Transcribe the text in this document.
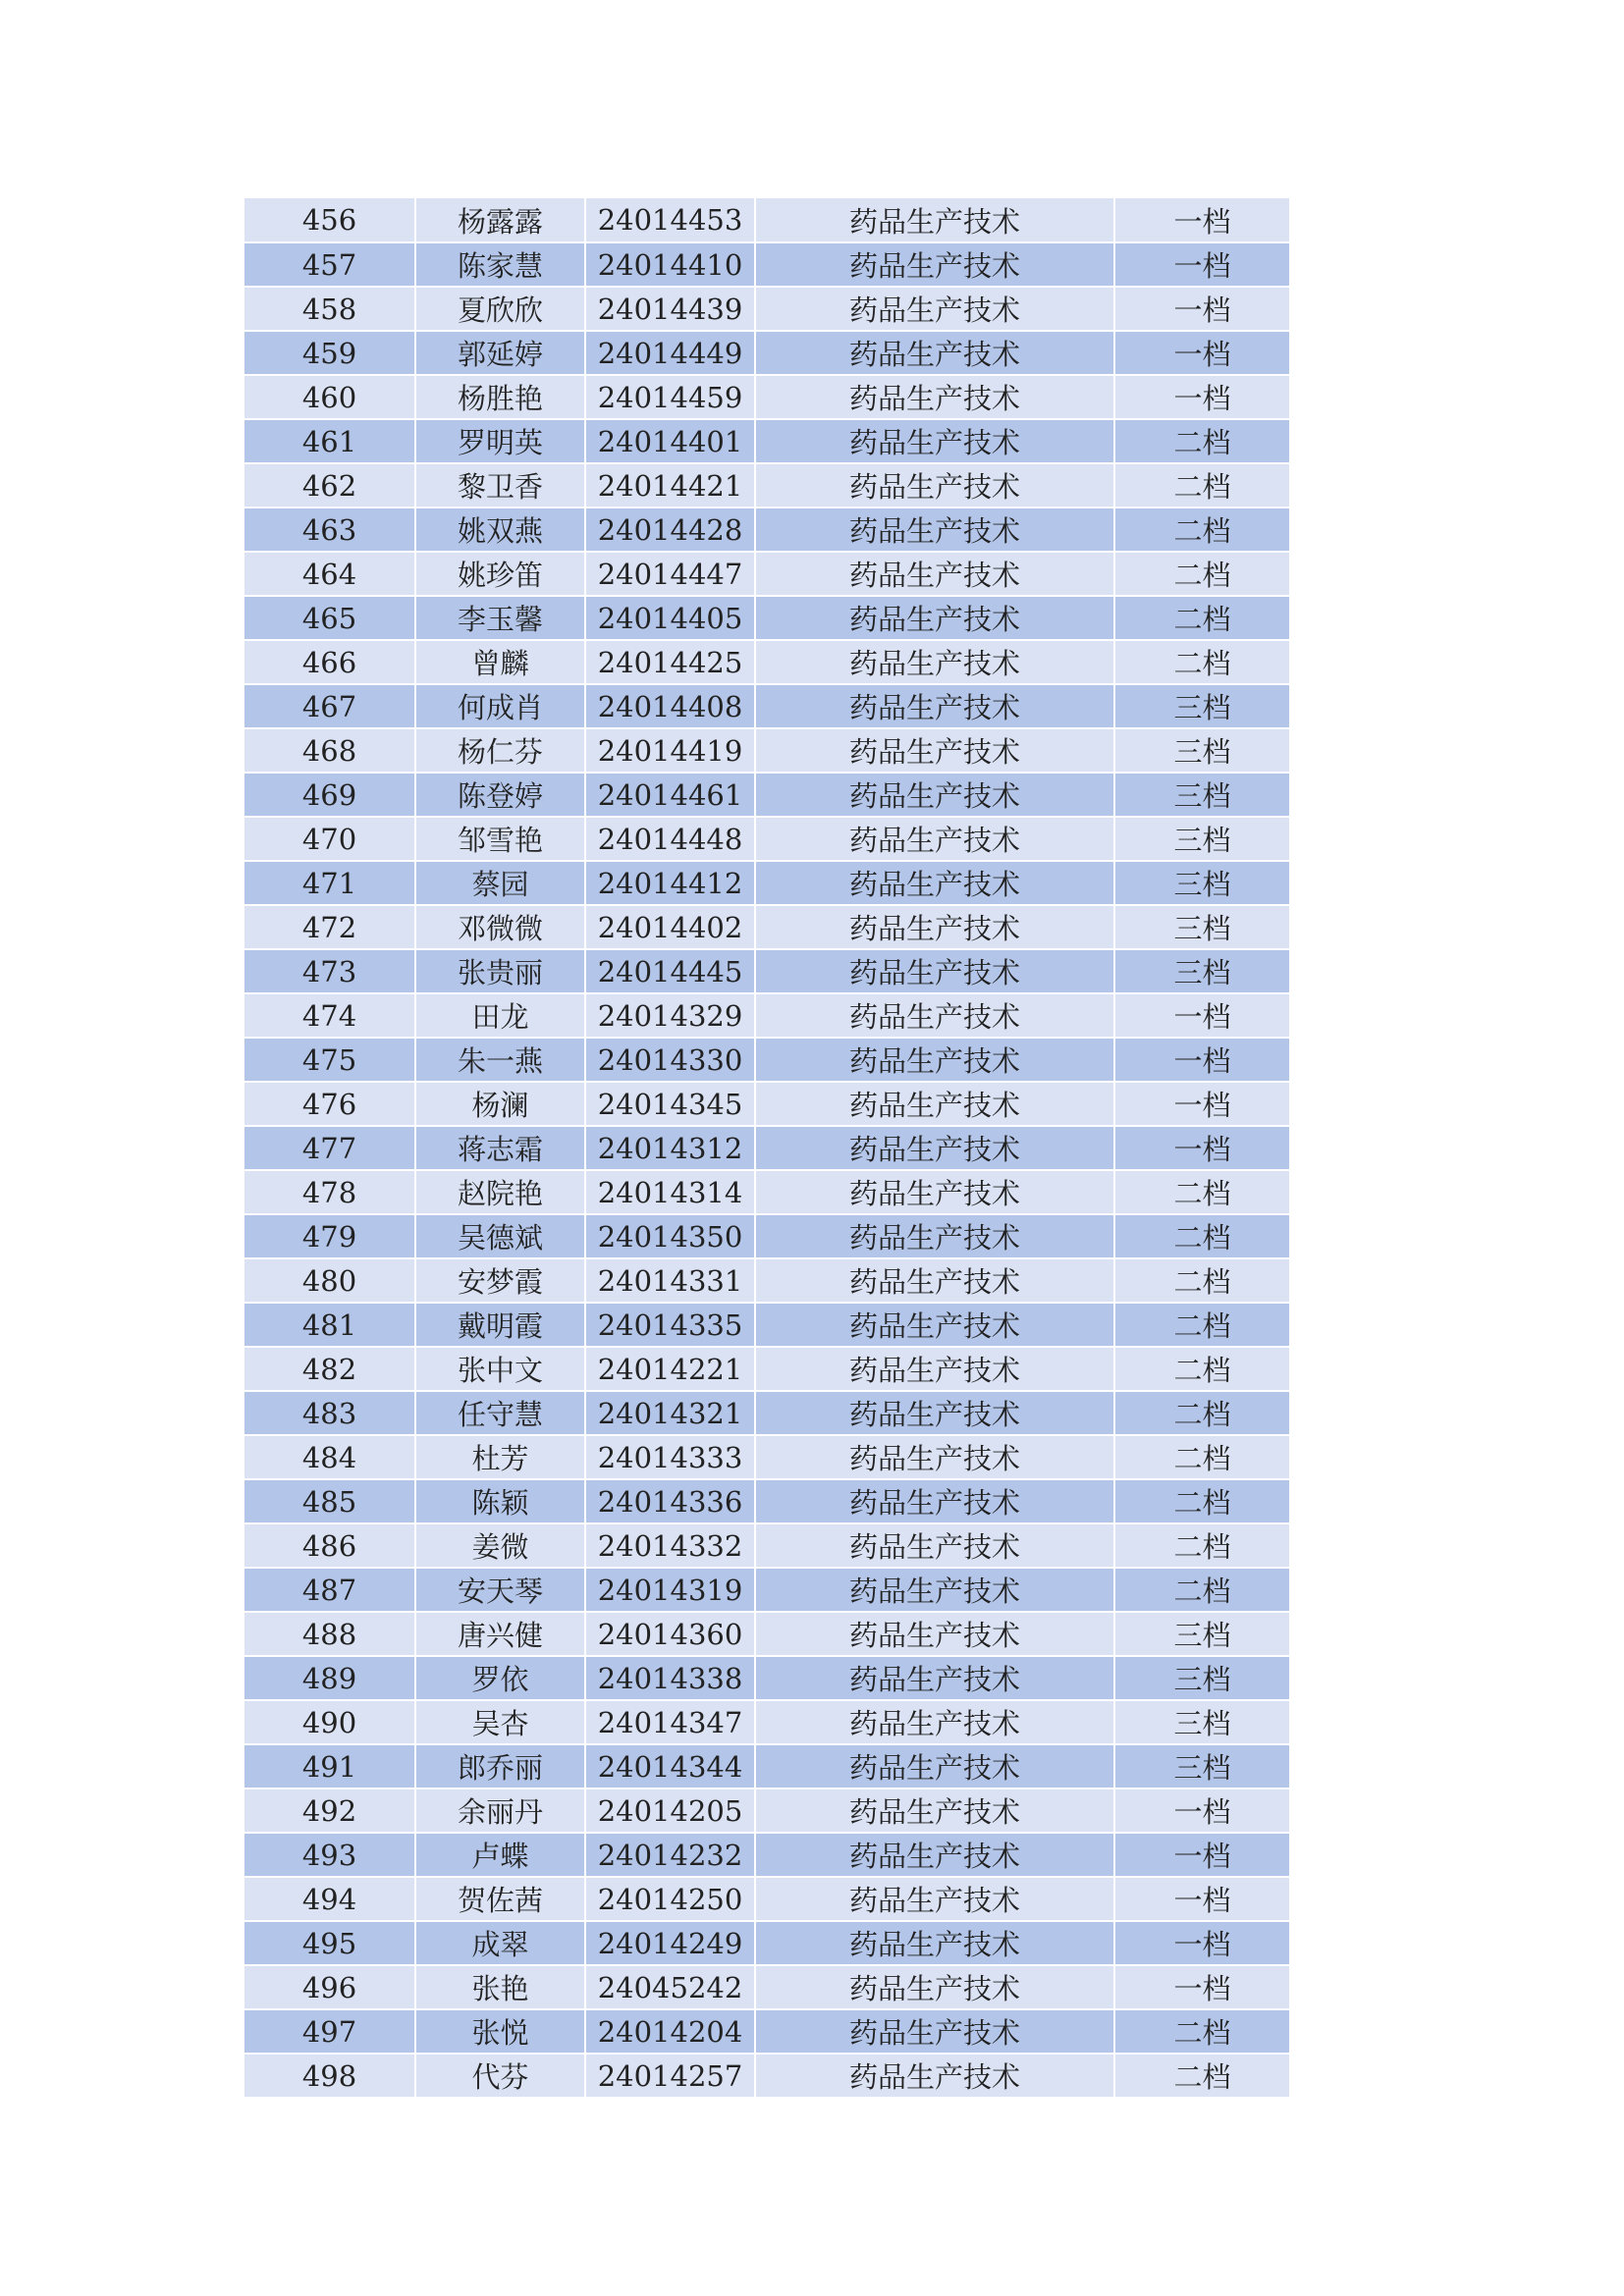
456	杨露露	24014453	药品生产技术	一档
457	陈家慧	24014410	药品生产技术	一档
458	夏欣欣	24014439	药品生产技术	一档
459	郭延婷	24014449	药品生产技术	一档
460	杨胜艳	24014459	药品生产技术	一档
461	罗明英	24014401	药品生产技术	二档
462	黎卫香	24014421	药品生产技术	二档
463	姚双燕	24014428	药品生产技术	二档
464	姚珍笛	24014447	药品生产技术	二档
465	李玉馨	24014405	药品生产技术	二档
466	曾麟	24014425	药品生产技术	二档
467	何成肖	24014408	药品生产技术	三档
468	杨仁芬	24014419	药品生产技术	三档
469	陈登婷	24014461	药品生产技术	三档
470	邹雪艳	24014448	药品生产技术	三档
471	蔡园	24014412	药品生产技术	三档
472	邓微微	24014402	药品生产技术	三档
473	张贵丽	24014445	药品生产技术	三档
474	田龙	24014329	药品生产技术	一档
475	朱一燕	24014330	药品生产技术	一档
476	杨澜	24014345	药品生产技术	一档
477	蒋志霜	24014312	药品生产技术	一档
478	赵院艳	24014314	药品生产技术	二档
479	吴德斌	24014350	药品生产技术	二档
480	安梦霞	24014331	药品生产技术	二档
481	戴明霞	24014335	药品生产技术	二档
482	张中文	24014221	药品生产技术	二档
483	任守慧	24014321	药品生产技术	二档
484	杜芳	24014333	药品生产技术	二档
485	陈颖	24014336	药品生产技术	二档
486	姜微	24014332	药品生产技术	二档
487	安天琴	24014319	药品生产技术	二档
488	唐兴健	24014360	药品生产技术	三档
489	罗依	24014338	药品生产技术	三档
490	吴杏	24014347	药品生产技术	三档
491	郎乔丽	24014344	药品生产技术	三档
492	余丽丹	24014205	药品生产技术	一档
493	卢蝶	24014232	药品生产技术	一档
494	贺佐茜	24014250	药品生产技术	一档
495	成翠	24014249	药品生产技术	一档
496	张艳	24045242	药品生产技术	一档
497	张悦	24014204	药品生产技术	二档
498	代芬	24014257	药品生产技术	二档
